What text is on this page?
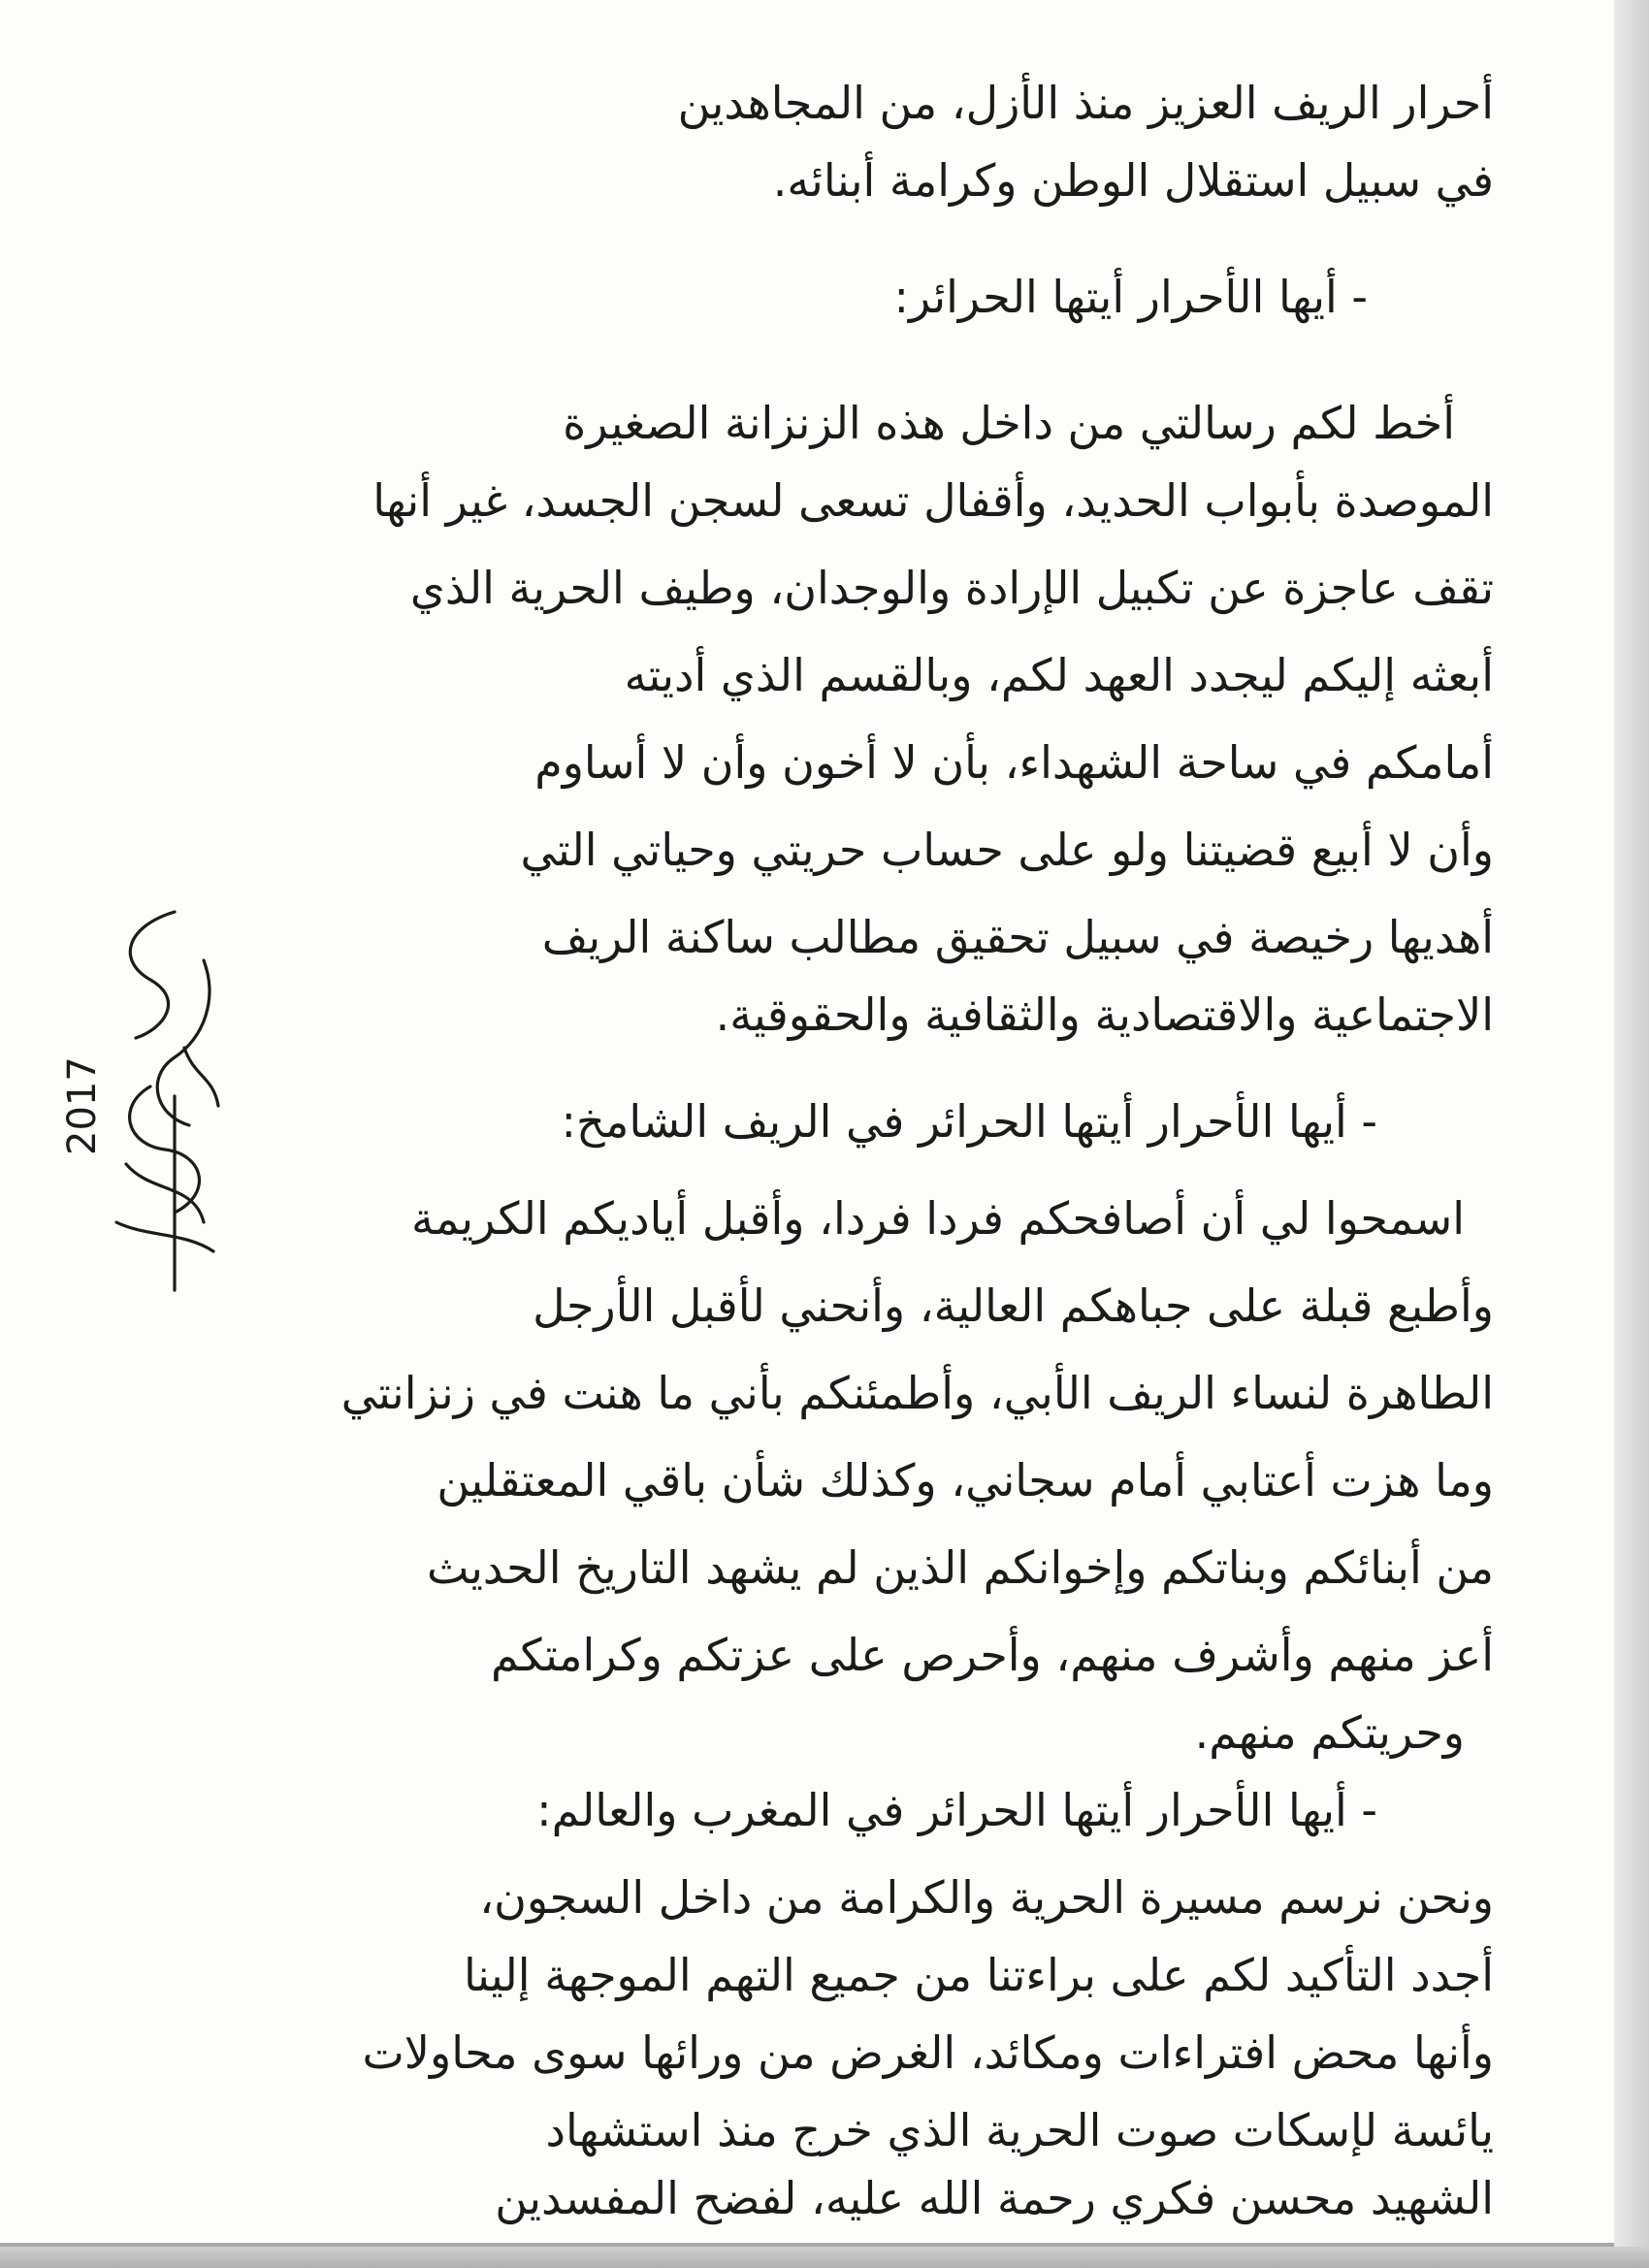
أحرار الريف العزيز منذ الأزل، من المجاهدين
في سبيل استقلال الوطن وكرامة أبنائه.
- أيها الأحرار أيتها الحرائر:
أخط لكم رسالتي من داخل هذه الزنزانة الصغيرة
الموصدة بأبواب الحديد، وأقفال تسعى لسجن الجسد، غير أنها
تقف عاجزة عن تكبيل الإرادة والوجدان، وطيف الحرية الذي
أبعثه إليكم ليجدد العهد لكم، وبالقسم الذي أديته
أمامكم في ساحة الشهداء، بأن لا أخون وأن لا أساوم
وأن لا أبيع قضيتنا ولو على حساب حريتي وحياتي التي
أهديها رخيصة في سبيل تحقيق مطالب ساكنة الريف
الاجتماعية والاقتصادية والثقافية والحقوقية.
- أيها الأحرار أيتها الحرائر في الريف الشامخ:
اسمحوا لي أن أصافحكم فردا فردا، وأقبل أياديكم الكريمة
وأطبع قبلة على جباهكم العالية، وأنحني لأقبل الأرجل
الطاهرة لنساء الريف الأبي، وأطمئنكم بأني ما هنت في زنزانتي
وما هزت أعتابي أمام سجاني، وكذلك شأن باقي المعتقلين
من أبنائكم وبناتكم وإخوانكم الذين لم يشهد التاريخ الحديث
أعز منهم وأشرف منهم، وأحرص على عزتكم وكرامتكم
وحريتكم منهم.
- أيها الأحرار أيتها الحرائر في المغرب والعالم:
ونحن نرسم مسيرة الحرية والكرامة من داخل السجون،
أجدد التأكيد لكم على براءتنا من جميع التهم الموجهة إلينا
وأنها محض افتراءات ومكائد، الغرض من ورائها سوى محاولات
يائسة لإسكات صوت الحرية الذي خرج منذ استشهاد
الشهيد محسن فكري رحمة الله عليه، لفضح المفسدين
2017
